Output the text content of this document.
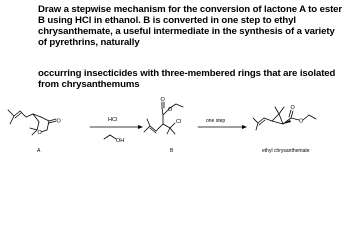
Draw a stepwise mechanism for the conversion of lactone A to ester B using HCl in ethanol. B is converted in one step to ethyl chrysanthemate, a useful intermediate in the synthesis of a variety of pyrethrins, naturally

occurring insecticides with three-membered rings that are isolated from chrysanthemums

O
O
A
HCl
OH
O
O
Cl
B
one step
O
O
ethyl chrysanthemate
